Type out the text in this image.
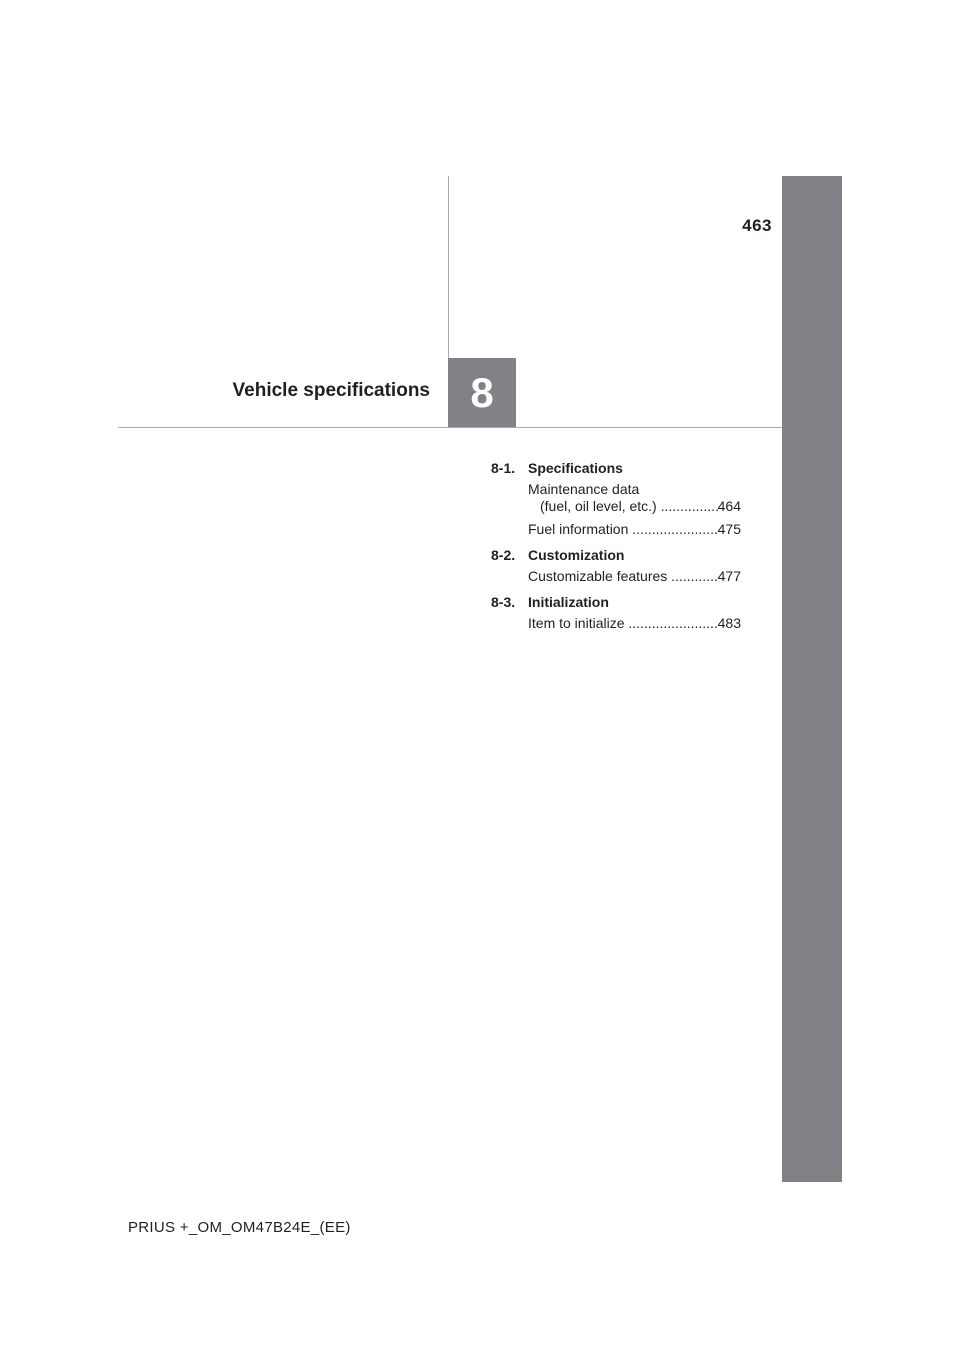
463
Vehicle specifications 8
8-1. Specifications
Maintenance data
(fuel, oil level, etc.) .....	464
Fuel information .....	475
8-2. Customization
Customizable features .....	477
8-3. Initialization
Item to initialize .....	483
PRIUS +_OM_OM47B24E_(EE)
